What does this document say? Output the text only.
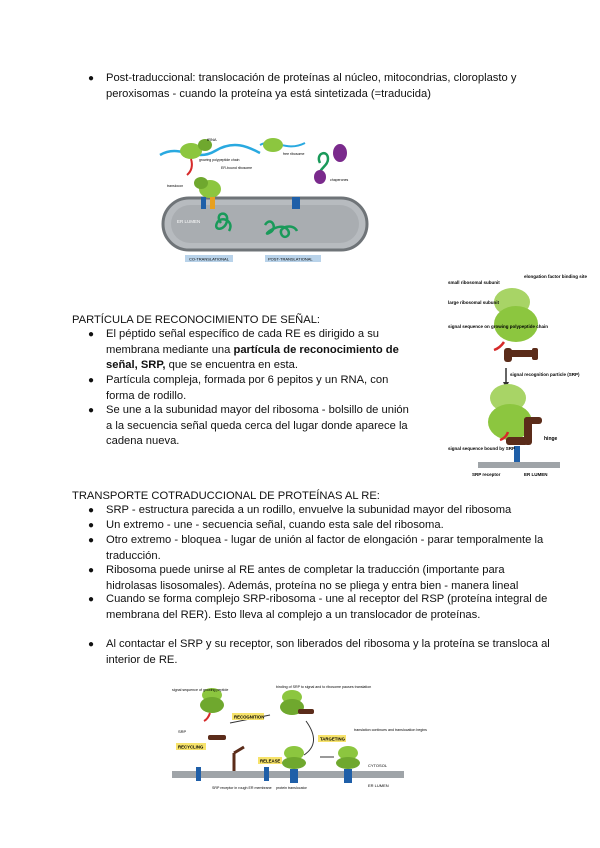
●	Post-traduccional: translocación de proteínas al núcleo, mitocondrias, cloroplasto y peroxisomas - cuando la proteína ya está sintetizada (=traducida)
tRNA
growing polypeptide chain
ER-bound ribosome
free ribosome
chaperones
translocon
ER LUMEN
CO-TRANSLATIONAL	POST-TRANSLATIONAL
PARTÍCULA DE RECONOCIMIENTO DE SEÑAL:
●	El péptido señal específico de cada RE es dirigido a su membrana mediante una partícula de reconocimiento de señal, SRP, que se encuentra en esta.
●	Partícula compleja, formada por 6 pepitos y un RNA, con forma de rodillo.
●	Se une a la subunidad mayor del ribosoma - bolsillo de unión a la secuencia señal queda cerca del lugar donde aparece la cadena nueva.
small ribosomal subunit
large ribosomal subunit
elongation factor binding site
signal sequence on growing polypeptide chain
signal recognition particle (SRP)
hinge
signal sequence bound by SRP
SRP receptor	ER LUMEN
TRANSPORTE COTRADUCCIONAL DE PROTEÍNAS AL RE:
●	SRP - estructura parecida a un rodillo, envuelve la subunidad mayor del ribosoma
●	Un extremo - une - secuencia señal, cuando esta sale del ribosoma.
●	Otro extremo - bloquea - lugar de unión al factor de elongación - parar temporalmente la traducción.
●	Ribosoma puede unirse al RE antes de completar la traducción (importante para hidrolasas lisosomales). Además, proteína no se pliega y entra bien - manera lineal
●	Cuando se forma complejo SRP-ribosoma - une al receptor del RSP (proteína integral de membrana del RER). Esto lleva al complejo a un translocador de proteínas.
●	Al contactar el SRP y su receptor, son liberados del ribosoma y la proteína se transloca al interior de RE.
RECOGNITION
TARGETING
RECYCLING
RELEASE
signal sequence of growing peptide
SRP
binding of SRP to signal and to ribosome pauses translation
translation continues and translocation begins
CYTOSOL
ER LUMEN
SRP receptor in rough ER membrane protein translocator
